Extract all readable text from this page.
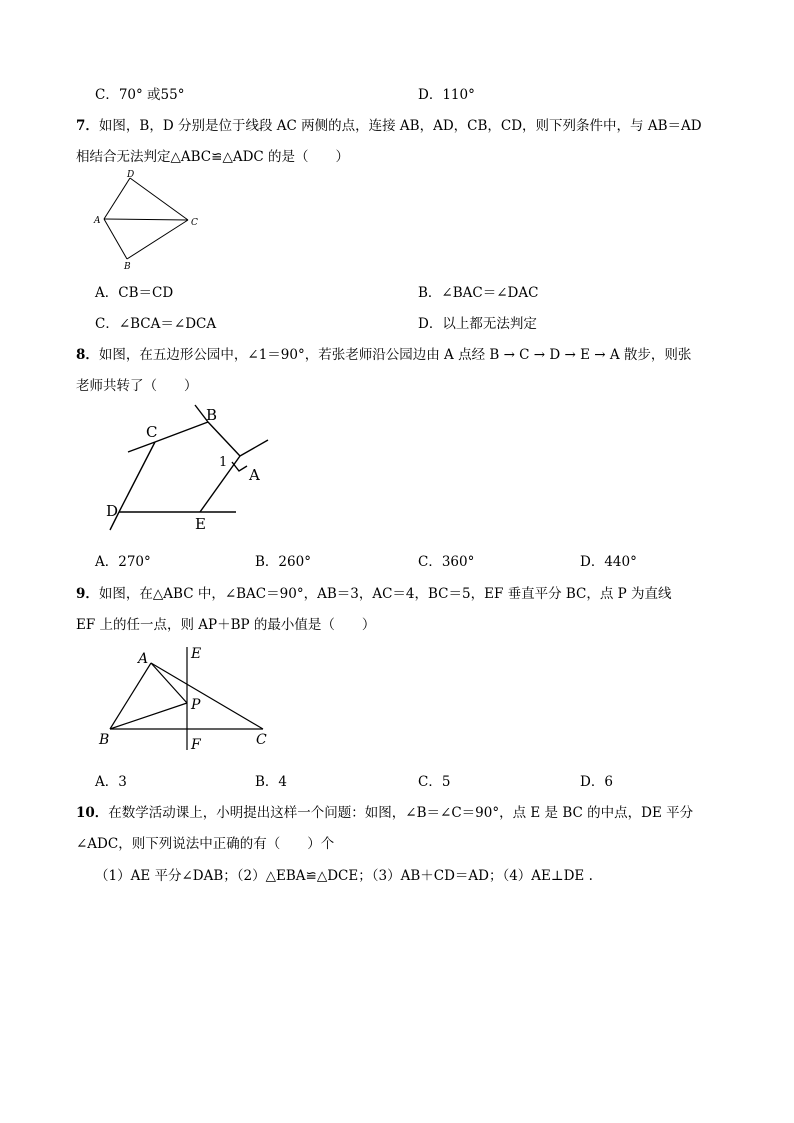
C．70° 或55°	D．110°
7．如图，B，D 分别是位于线段 AC 两侧的点，连接 AB，AD，CB，CD，则下列条件中，与 AB＝AD
相结合无法判定△ABC≌△ADC 的是（　　）
D
A	C
B
A．CB＝CD	B．∠BAC＝∠DAC
C．∠BCA＝∠DCA	D．以上都无法判定
8．如图，在五边形公园中，∠1＝90°，若张老师沿公园边由 A 点经 B → C → D → E → A 散步，则张
老师共转了（　　）
B
C
A
1
D
E
A．270°	B．260°	C．360°	D．440°
9．如图，在△ABC 中，∠BAC＝90°，AB＝3，AC＝4，BC＝5，EF 垂直平分 BC，点 P 为直线
EF 上的任一点，则 AP＋BP 的最小值是（　　）
A	E
P
B	F	C
A．3	B．4	C．5	D．6
10．在数学活动课上，小明提出这样一个问题：如图，∠B＝∠C＝90°，点 E 是 BC 的中点，DE 平分
∠ADC，则下列说法中正确的有（　　）个
（1）AE 平分∠DAB；（2）△EBA≌△DCE；（3）AB＋CD＝AD；（4）AE⊥DE .
